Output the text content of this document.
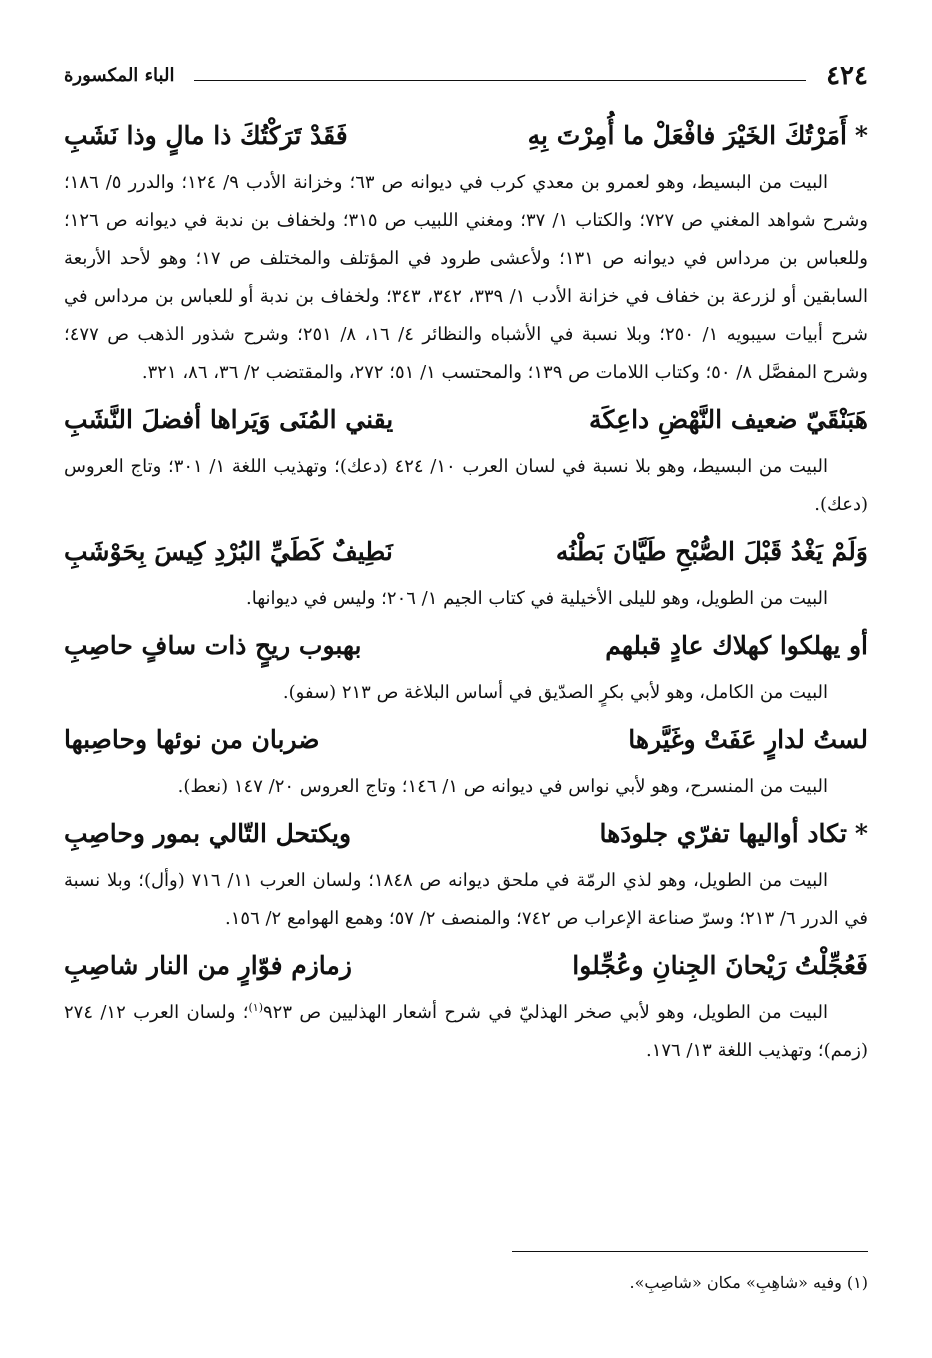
٤٢٤
الباء المكسورة
*أَمَرْتُكَ الخَيْرَ فافْعَلْ ما أُمِرْتَ بِهِ
فَقَدْ تَرَكْتُكَ ذا مالٍ وذا نَشَبِ

البيت من البسيط، وهو لعمرو بن معدي كرب في ديوانه ص ٦٣؛ وخزانة الأدب ٩/ ١٢٤؛ والدرر ٥/ ١٨٦؛ وشرح شواهد المغني ص ٧٢٧؛ والكتاب ١/ ٣٧؛ ومغني اللبيب ص ٣١٥؛ ولخفاف بن ندبة في ديوانه ص ١٢٦؛ وللعباس بن مرداس في ديوانه ص ١٣١؛ ولأعشى طرود في المؤتلف والمختلف ص ١٧؛ وهو لأحد الأربعة السابقين أو لزرعة بن خفاف في خزانة الأدب ١/ ٣٣٩، ٣٤٢، ٣٤٣؛ ولخفاف بن ندبة أو للعباس بن مرداس في شرح أبيات سيبويه ١/ ٢٥٠؛ وبلا نسبة في الأشباه والنظائر ٤/ ١٦، ٨/ ٢٥١؛ وشرح شذور الذهب ص ٤٧٧؛ وشرح المفصَّل ٨/ ٥٠؛ وكتاب اللامات ص ١٣٩؛ والمحتسب ١/ ٥١؛ ٢٧٢، والمقتضب ٢/ ٣٦، ٨٦، ٣٢١.

هَبَنْقَيّ ضعيف النَّهْضِ داعِكَة
يقني المُنَى وَيَراها أفضلَ النَّشَبِ

البيت من البسيط، وهو بلا نسبة في لسان العرب ١٠/ ٤٢٤ (دعك)؛ وتهذيب اللغة ١/ ٣٠١؛ وتاج العروس (دعك).

وَلَمْ يَغْدُ قَبْلَ الصُّبْحِ طَيَّانَ بَطْنُه
نَطِيفٌ كَطَيِّ البُرْدِ كِيسَ بِحَوْشَبِ

البيت من الطويل، وهو لليلى الأخيلية في كتاب الجيم ١/ ٢٠٦؛ وليس في ديوانها.

أو يهلكوا كهلاك عادٍ قبلهم
بهبوب ريحٍ ذات سافٍ حاصِبِ

البيت من الكامل، وهو لأبي بكرٍ الصدّيق في أساس البلاغة ص ٢١٣ (سفو).

لستُ لدارٍ عَفَتْ وغَيَّرها
ضربان من نوئها وحاصِبها

البيت من المنسرح، وهو لأبي نواس في ديوانه ص ١/ ١٤٦؛ وتاج العروس ٢٠/ ١٤٧ (نعط).

*تكاد أواليها تفرّي جلودَها
ويكتحل التّالي بمور وحاصِبِ

البيت من الطويل، وهو لذي الرمّة في ملحق ديوانه ص ١٨٤٨؛ ولسان العرب ١١/ ٧١٦ (وأل)؛ وبلا نسبة في الدرر ٦/ ٢١٣؛ وسرّ صناعة الإعراب ص ٧٤٢؛ والمنصف ٢/ ٥٧؛ وهمع الهوامع ٢/ ١٥٦.

فَعُجِّلْتُ رَيْحانَ الجِنانِ وعُجِّلوا
زمازم فوّارٍ من النار شاصِبِ

البيت من الطويل، وهو لأبي صخر الهذليّ في شرح أشعار الهذليين ص ٩٢٣$^{(١)}$؛ ولسان العرب ١٢/ ٢٧٤ (زمم)؛ وتهذيب اللغة ١٣/ ١٧٦.

(١) وفيه «شاهِبِ» مكان «شاصِبِ».
